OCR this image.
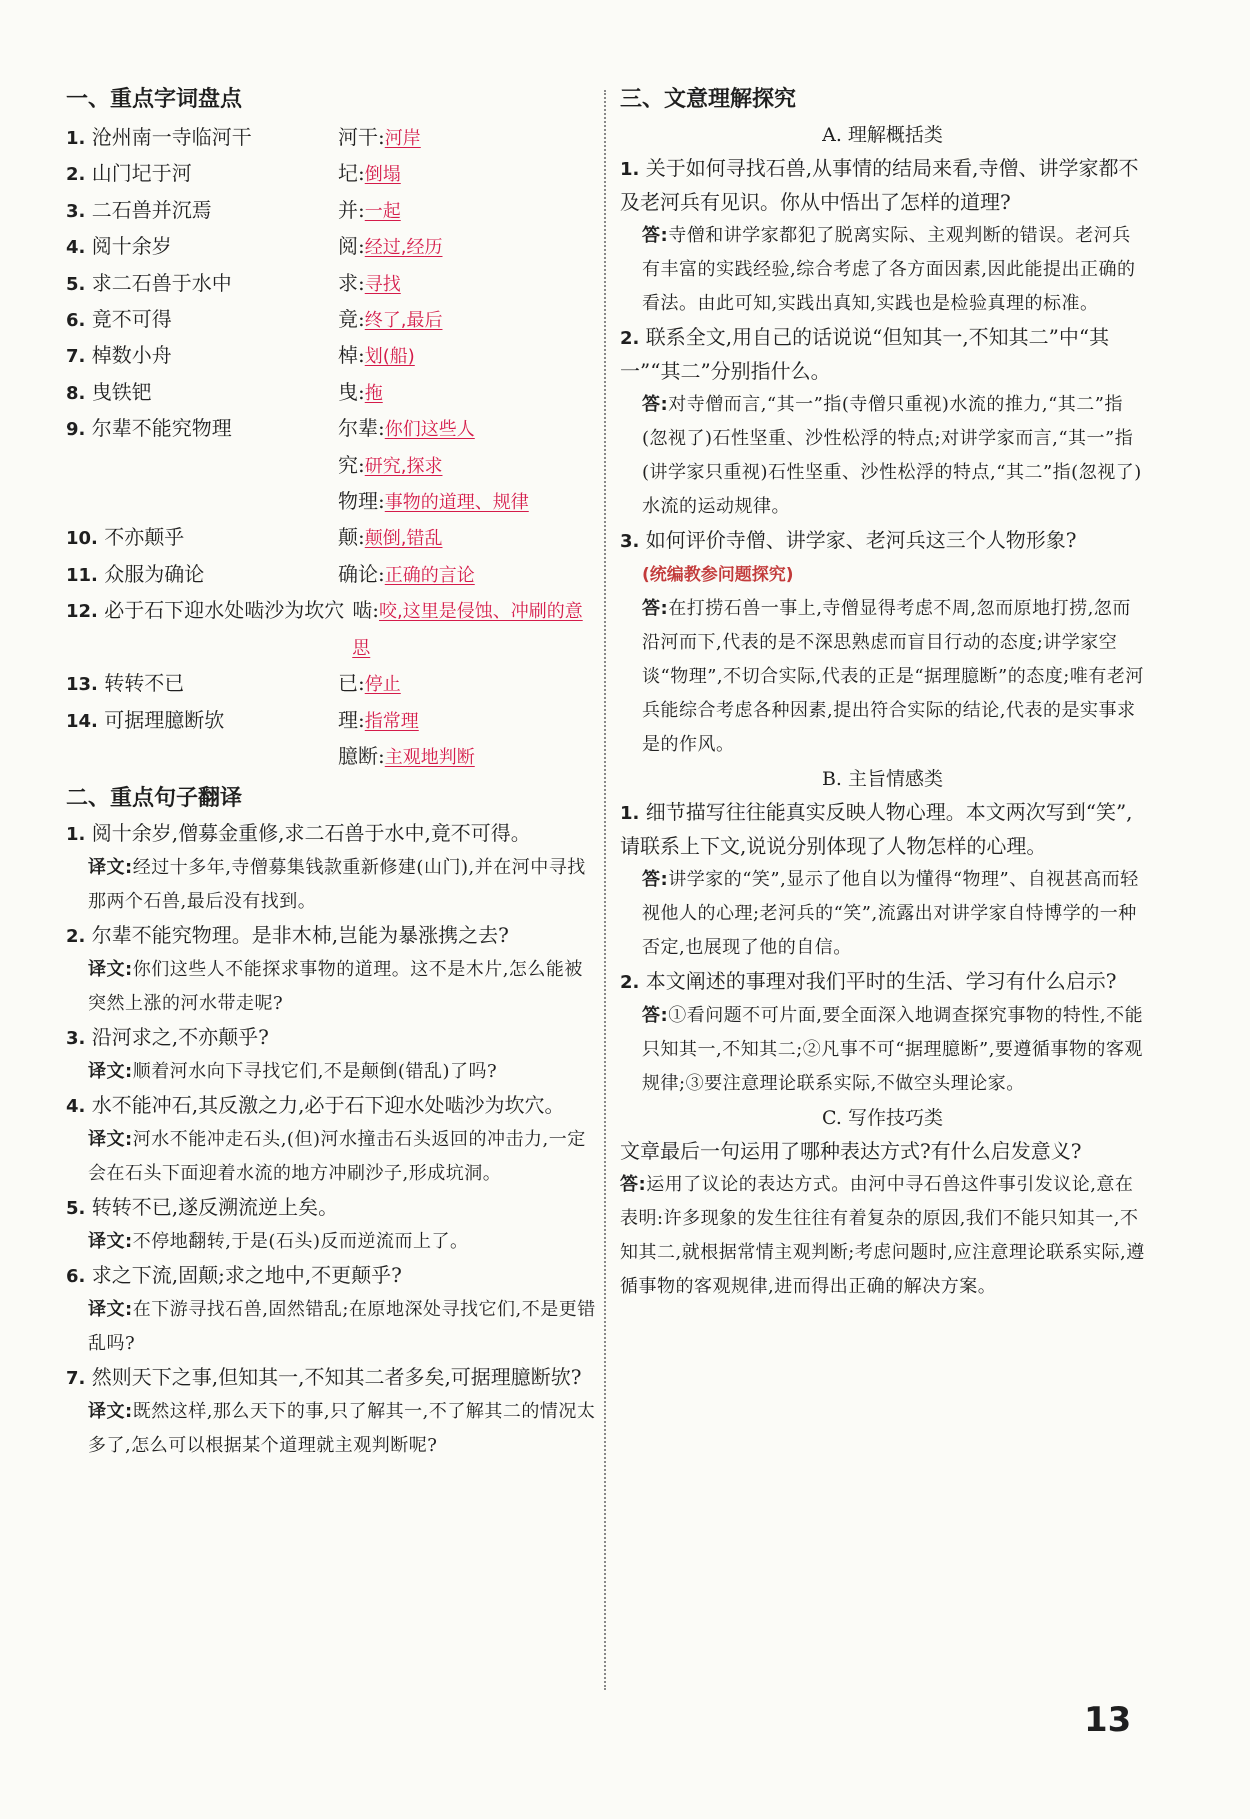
一、重点字词盘点
1. 沧州南一寺临河干	河干:河岸
2. 山门圮于河	圮:倒塌
3. 二石兽并沉焉	并:一起
4. 阅十余岁	阅:经过,经历
5. 求二石兽于水中	求:寻找
6. 竟不可得	竟:终了,最后
7. 棹数小舟	棹:划(船)
8. 曳铁钯	曳:拖
9. 尔辈不能究物理	尔辈:你们这些人
究:研究,探求
物理:事物的道理、规律
10. 不亦颠乎	颠:颠倒,错乱
11. 众服为确论	确论:正确的言论
12. 必于石下迎水处啮沙为坎穴 啮:咬,这里是侵蚀、冲刷的意思
13. 转转不已	已:停止
14. 可据理臆断欤	理:指常理
臆断:主观地判断
二、重点句子翻译

1. 阅十余岁,僧募金重修,求二石兽于水中,竟不可得。

译文:经过十多年,寺僧募集钱款重新修建(山门),并在河中寻找那两个石兽,最后没有找到。

2. 尔辈不能究物理。是非木杮,岂能为暴涨携之去?

译文:你们这些人不能探求事物的道理。这不是木片,怎么能被突然上涨的河水带走呢?

3. 沿河求之,不亦颠乎?

译文:顺着河水向下寻找它们,不是颠倒(错乱)了吗?

4. 水不能冲石,其反激之力,必于石下迎水处啮沙为坎穴。

译文:河水不能冲走石头,(但)河水撞击石头返回的冲击力,一定会在石头下面迎着水流的地方冲刷沙子,形成坑洞。

5. 转转不已,遂反溯流逆上矣。

译文:不停地翻转,于是(石头)反而逆流而上了。

6. 求之下流,固颠;求之地中,不更颠乎?

译文:在下游寻找石兽,固然错乱;在原地深处寻找它们,不是更错乱吗?

7. 然则天下之事,但知其一,不知其二者多矣,可据理臆断欤?

译文:既然这样,那么天下的事,只了解其一,不了解其二的情况太多了,怎么可以根据某个道理就主观判断呢?

三、文意理解探究

A. 理解概括类

1. 关于如何寻找石兽,从事情的结局来看,寺僧、讲学家都不及老河兵有见识。你从中悟出了怎样的道理?

答:寺僧和讲学家都犯了脱离实际、主观判断的错误。老河兵有丰富的实践经验,综合考虑了各方面因素,因此能提出正确的看法。由此可知,实践出真知,实践也是检验真理的标准。

2. 联系全文,用自己的话说说“但知其一,不知其二”中“其一”“其二”分别指什么。

答:对寺僧而言,“其一”指(寺僧只重视)水流的推力,“其二”指(忽视了)石性坚重、沙性松浮的特点;对讲学家而言,“其一”指(讲学家只重视)石性坚重、沙性松浮的特点,“其二”指(忽视了)水流的运动规律。

3. 如何评价寺僧、讲学家、老河兵这三个人物形象?

(统编教参问题探究)

答:在打捞石兽一事上,寺僧显得考虑不周,忽而原地打捞,忽而沿河而下,代表的是不深思熟虑而盲目行动的态度;讲学家空谈“物理”,不切合实际,代表的正是“据理臆断”的态度;唯有老河兵能综合考虑各种因素,提出符合实际的结论,代表的是实事求是的作风。

B. 主旨情感类

1. 细节描写往往能真实反映人物心理。本文两次写到“笑”,请联系上下文,说说分别体现了人物怎样的心理。

答:讲学家的“笑”,显示了他自以为懂得“物理”、自视甚高而轻视他人的心理;老河兵的“笑”,流露出对讲学家自恃博学的一种否定,也展现了他的自信。

2. 本文阐述的事理对我们平时的生活、学习有什么启示?

答:①看问题不可片面,要全面深入地调查探究事物的特性,不能只知其一,不知其二;②凡事不可“据理臆断”,要遵循事物的客观规律;③要注意理论联系实际,不做空头理论家。

C. 写作技巧类

文章最后一句运用了哪种表达方式?有什么启发意义?

答:运用了议论的表达方式。由河中寻石兽这件事引发议论,意在表明:许多现象的发生往往有着复杂的原因,我们不能只知其一,不知其二,就根据常情主观判断;考虑问题时,应注意理论联系实际,遵循事物的客观规律,进而得出正确的解决方案。

13
